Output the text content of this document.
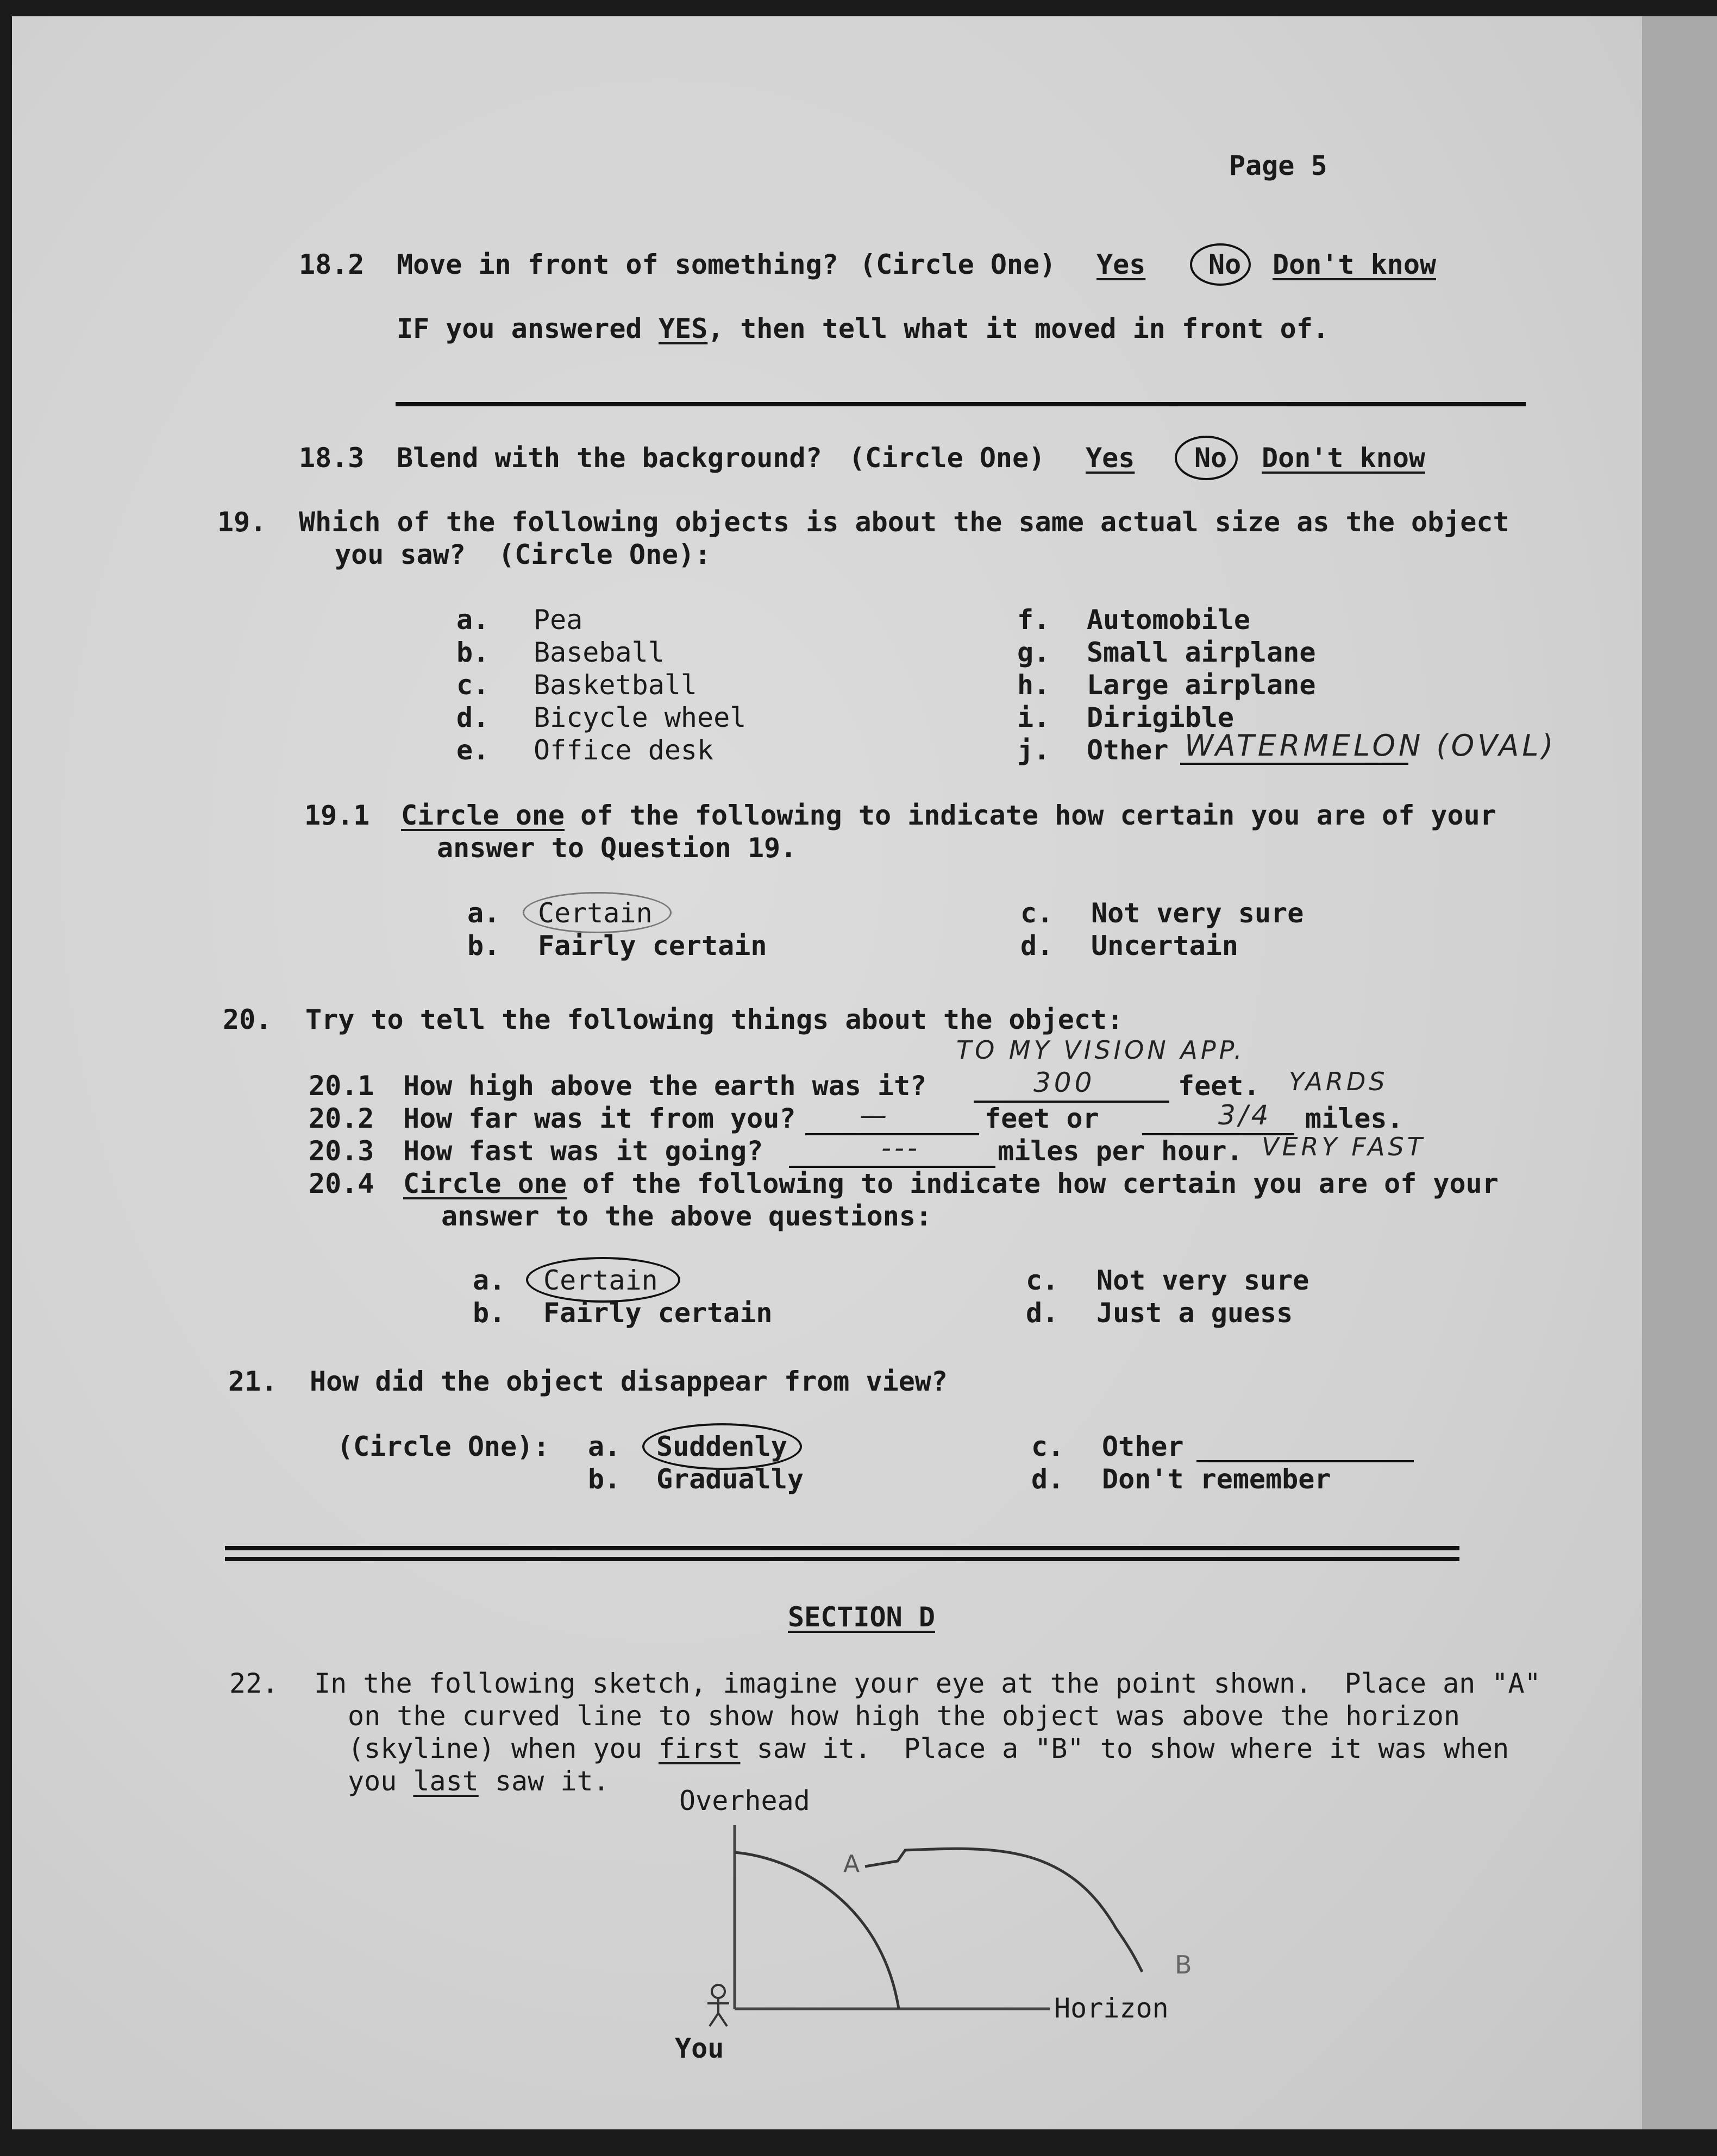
Page 5
18.2 Move in front of something? (Circle One) Yes No Don't know
IF you answered YES , then tell what it moved in front of.
18.3 Blend with the background? (Circle One) Yes No Don't know
19. Which of the following objects is about the same actual size as the object
you saw?  (Circle One):
a. Pea
b. Baseball
c. Basketball
d. Bicycle wheel
e. Office desk
f. Automobile
g. Small airplane
h. Large airplane
i. Dirigible
j. Other WATERMELON (OVAL)
19.1 Circle one
of the following to indicate how certain you are of your
answer to Question 19.
a. Certain
b. Fairly certain
c. Not very sure
d. Uncertain
20. Try to tell the following things about the object:
TO MY VISION APP.
20.1 How high above the earth was it?	300	feet. YARDS
20.2 How far was it from you? —	feet or	3/4 miles.
20.3 How fast was it going?	---	miles per hour. VERY FAST
20.4 Circle one
of the following to indicate how certain you are of your
answer to the above questions:
a. Certain
b. Fairly certain
c. Not very sure
d. Just a guess
21. How did the object disappear from view?
(Circle One): a. Suddenly
b. Gradually
c. Other
d. Don't remember
SECTION D
22. In the following sketch, imagine your eye at the point shown.  Place an "A"
on the curved line to show how high the object was above the horizon
(skyline) when you first saw it.  Place a "B" to show where it was when
you last saw it.
Overhead
Horizon
You
A
B
